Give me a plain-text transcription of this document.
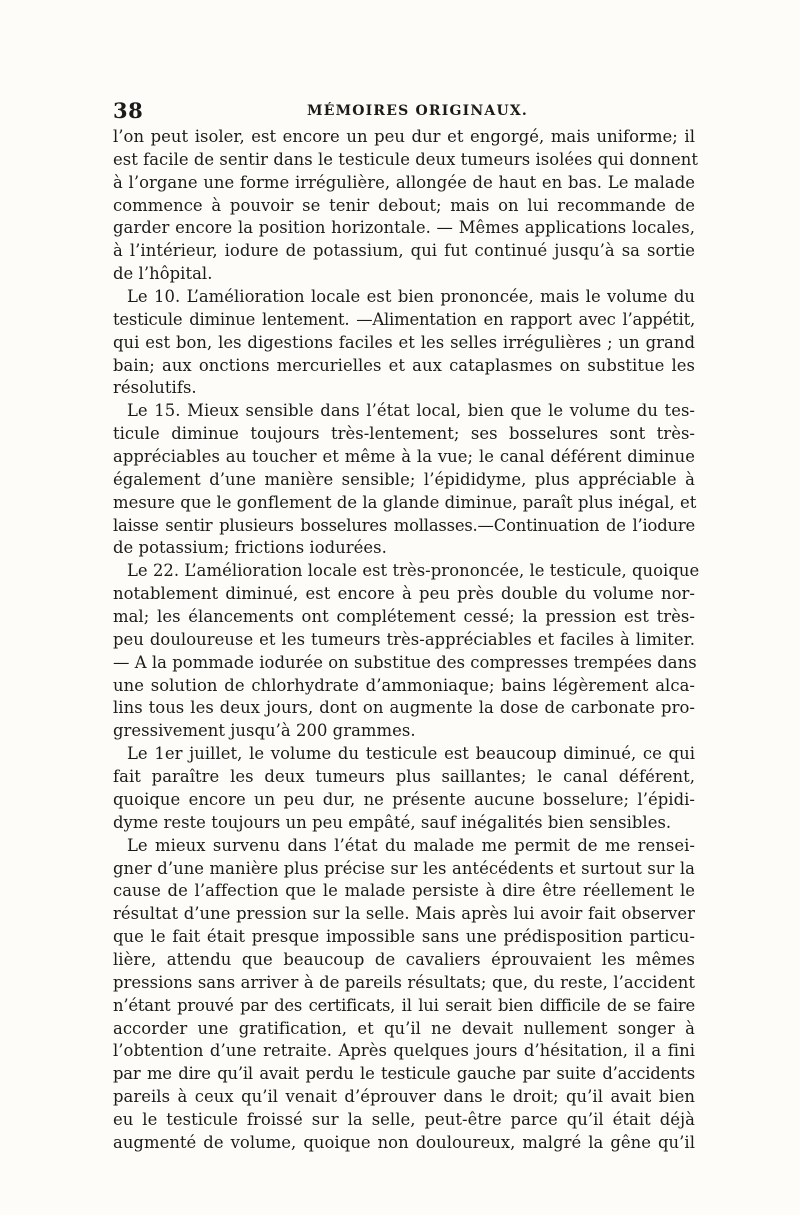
38	MÉMOIRES ORIGINAUX.
l’on peut isoler, est encore un peu dur et engorgé, mais uniforme; il
est facile de sentir dans le testicule deux tumeurs isolées qui donnent
à l’organe une forme irrégulière, allongée de haut en bas. Le malade
commence à pouvoir se tenir debout; mais on lui recommande de
garder encore la position horizontale. — Mêmes applications locales,
à l’intérieur, iodure de potassium, qui fut continué jusqu’à sa sortie
de l’hôpital.
Le 10. L’amélioration locale est bien prononcée, mais le volume du
testicule diminue lentement. —Alimentation en rapport avec l’appétit,
qui est bon, les digestions faciles et les selles irrégulières ; un grand
bain; aux onctions mercurielles et aux cataplasmes on substitue les
résolutifs.
Le 15. Mieux sensible dans l’état local, bien que le volume du tes-
ticule diminue toujours très-lentement; ses bosselures sont très-
appréciables au toucher et même à la vue; le canal déférent diminue
également d’une manière sensible; l’épididyme, plus appréciable à
mesure que le gonflement de la glande diminue, paraît plus inégal, et
laisse sentir plusieurs bosselures mollasses.—Continuation de l’iodure
de potassium; frictions iodurées.
Le 22. L’amélioration locale est très-prononcée, le testicule, quoique
notablement diminué, est encore à peu près double du volume nor-
mal; les élancements ont complétement cessé; la pression est très-
peu douloureuse et les tumeurs très-appréciables et faciles à limiter.
— A la pommade iodurée on substitue des compresses trempées dans
une solution de chlorhydrate d’ammoniaque; bains légèrement alca-
lins tous les deux jours, dont on augmente la dose de carbonate pro-
gressivement jusqu’à 200 grammes.
Le 1er juillet, le volume du testicule est beaucoup diminué, ce qui
fait paraître les deux tumeurs plus saillantes; le canal déférent,
quoique encore un peu dur, ne présente aucune bosselure; l’épidi-
dyme reste toujours un peu empâté, sauf inégalités bien sensibles.
Le mieux survenu dans l’état du malade me permit de me rensei-
gner d’une manière plus précise sur les antécédents et surtout sur la
cause de l’affection que le malade persiste à dire être réellement le
résultat d’une pression sur la selle. Mais après lui avoir fait observer
que le fait était presque impossible sans une prédisposition particu-
lière, attendu que beaucoup de cavaliers éprouvaient les mêmes
pressions sans arriver à de pareils résultats; que, du reste, l’accident
n’étant prouvé par des certificats, il lui serait bien difficile de se faire
accorder une gratification, et qu’il ne devait nullement songer à
l’obtention d’une retraite. Après quelques jours d’hésitation, il a fini
par me dire qu’il avait perdu le testicule gauche par suite d’accidents
pareils à ceux qu’il venait d’éprouver dans le droit; qu’il avait bien
eu le testicule froissé sur la selle, peut-être parce qu’il était déjà
augmenté de volume, quoique non douloureux, malgré la gêne qu’il
